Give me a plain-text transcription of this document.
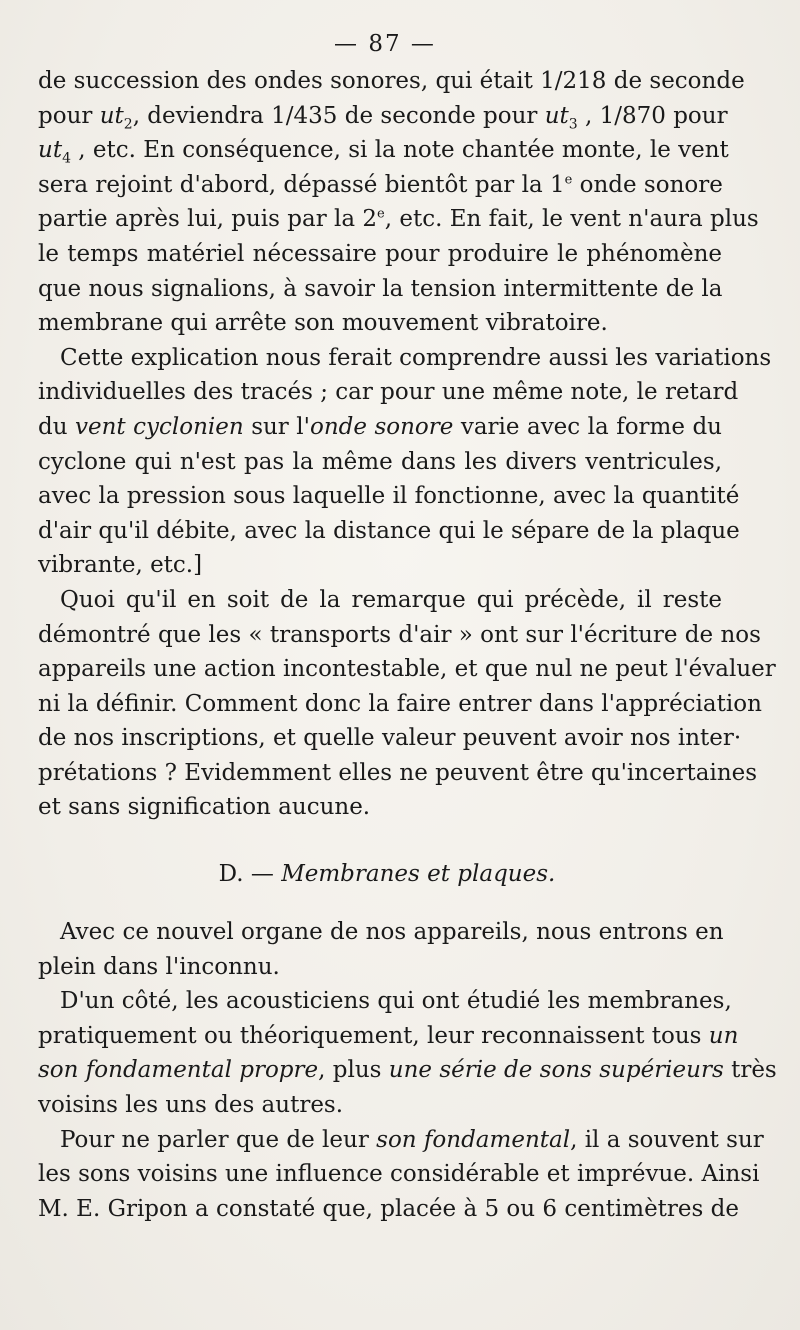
— 87 —
de succession des ondes sonores, qui était 1/218 de seconde
pour $ut_2$, deviendra 1/435 de seconde pour $ut_3$ , 1/870 pour
$ut_4$ , etc. En conséquence, si la note chantée monte, le vent
sera rejoint d'abord, dépassé bientôt par la 1e onde sonore
partie après lui, puis par la 2e, etc. En fait, le vent n'aura plus
le temps matériel nécessaire pour produire le phénomène
que nous signalions, à savoir la tension intermittente de la
membrane qui arrête son mouvement vibratoire.
Cette explication nous ferait comprendre aussi les variations
individuelles des tracés ; car pour une même note, le retard
du vent cyclonien sur l'onde sonore varie avec la forme du
cyclone qui n'est pas la même dans les divers ventricules,
avec la pression sous laquelle il fonctionne, avec la quantité
d'air qu'il débite, avec la distance qui le sépare de la plaque
vibrante, etc.]
Quoi qu'il en soit de la remarque qui précède, il reste
démontré que les « transports d'air » ont sur l'écriture de nos
appareils une action incontestable, et que nul ne peut l'évaluer
ni la définir. Comment donc la faire entrer dans l'appréciation
de nos inscriptions, et quelle valeur peuvent avoir nos inter·
prétations ? Evidemment elles ne peuvent être qu'incertaines
et sans signification aucune.
D. — Membranes et plaques.
Avec ce nouvel organe de nos appareils, nous entrons en
plein dans l'inconnu.
D'un côté, les acousticiens qui ont étudié les membranes,
pratiquement ou théoriquement, leur reconnaissent tous un
son fondamental propre, plus une série de sons supérieurs très
voisins les uns des autres.
Pour ne parler que de leur son fondamental, il a souvent sur
les sons voisins une influence considérable et imprévue. Ainsi
M. E. Gripon a constaté que, placée à 5 ou 6 centimètres de
